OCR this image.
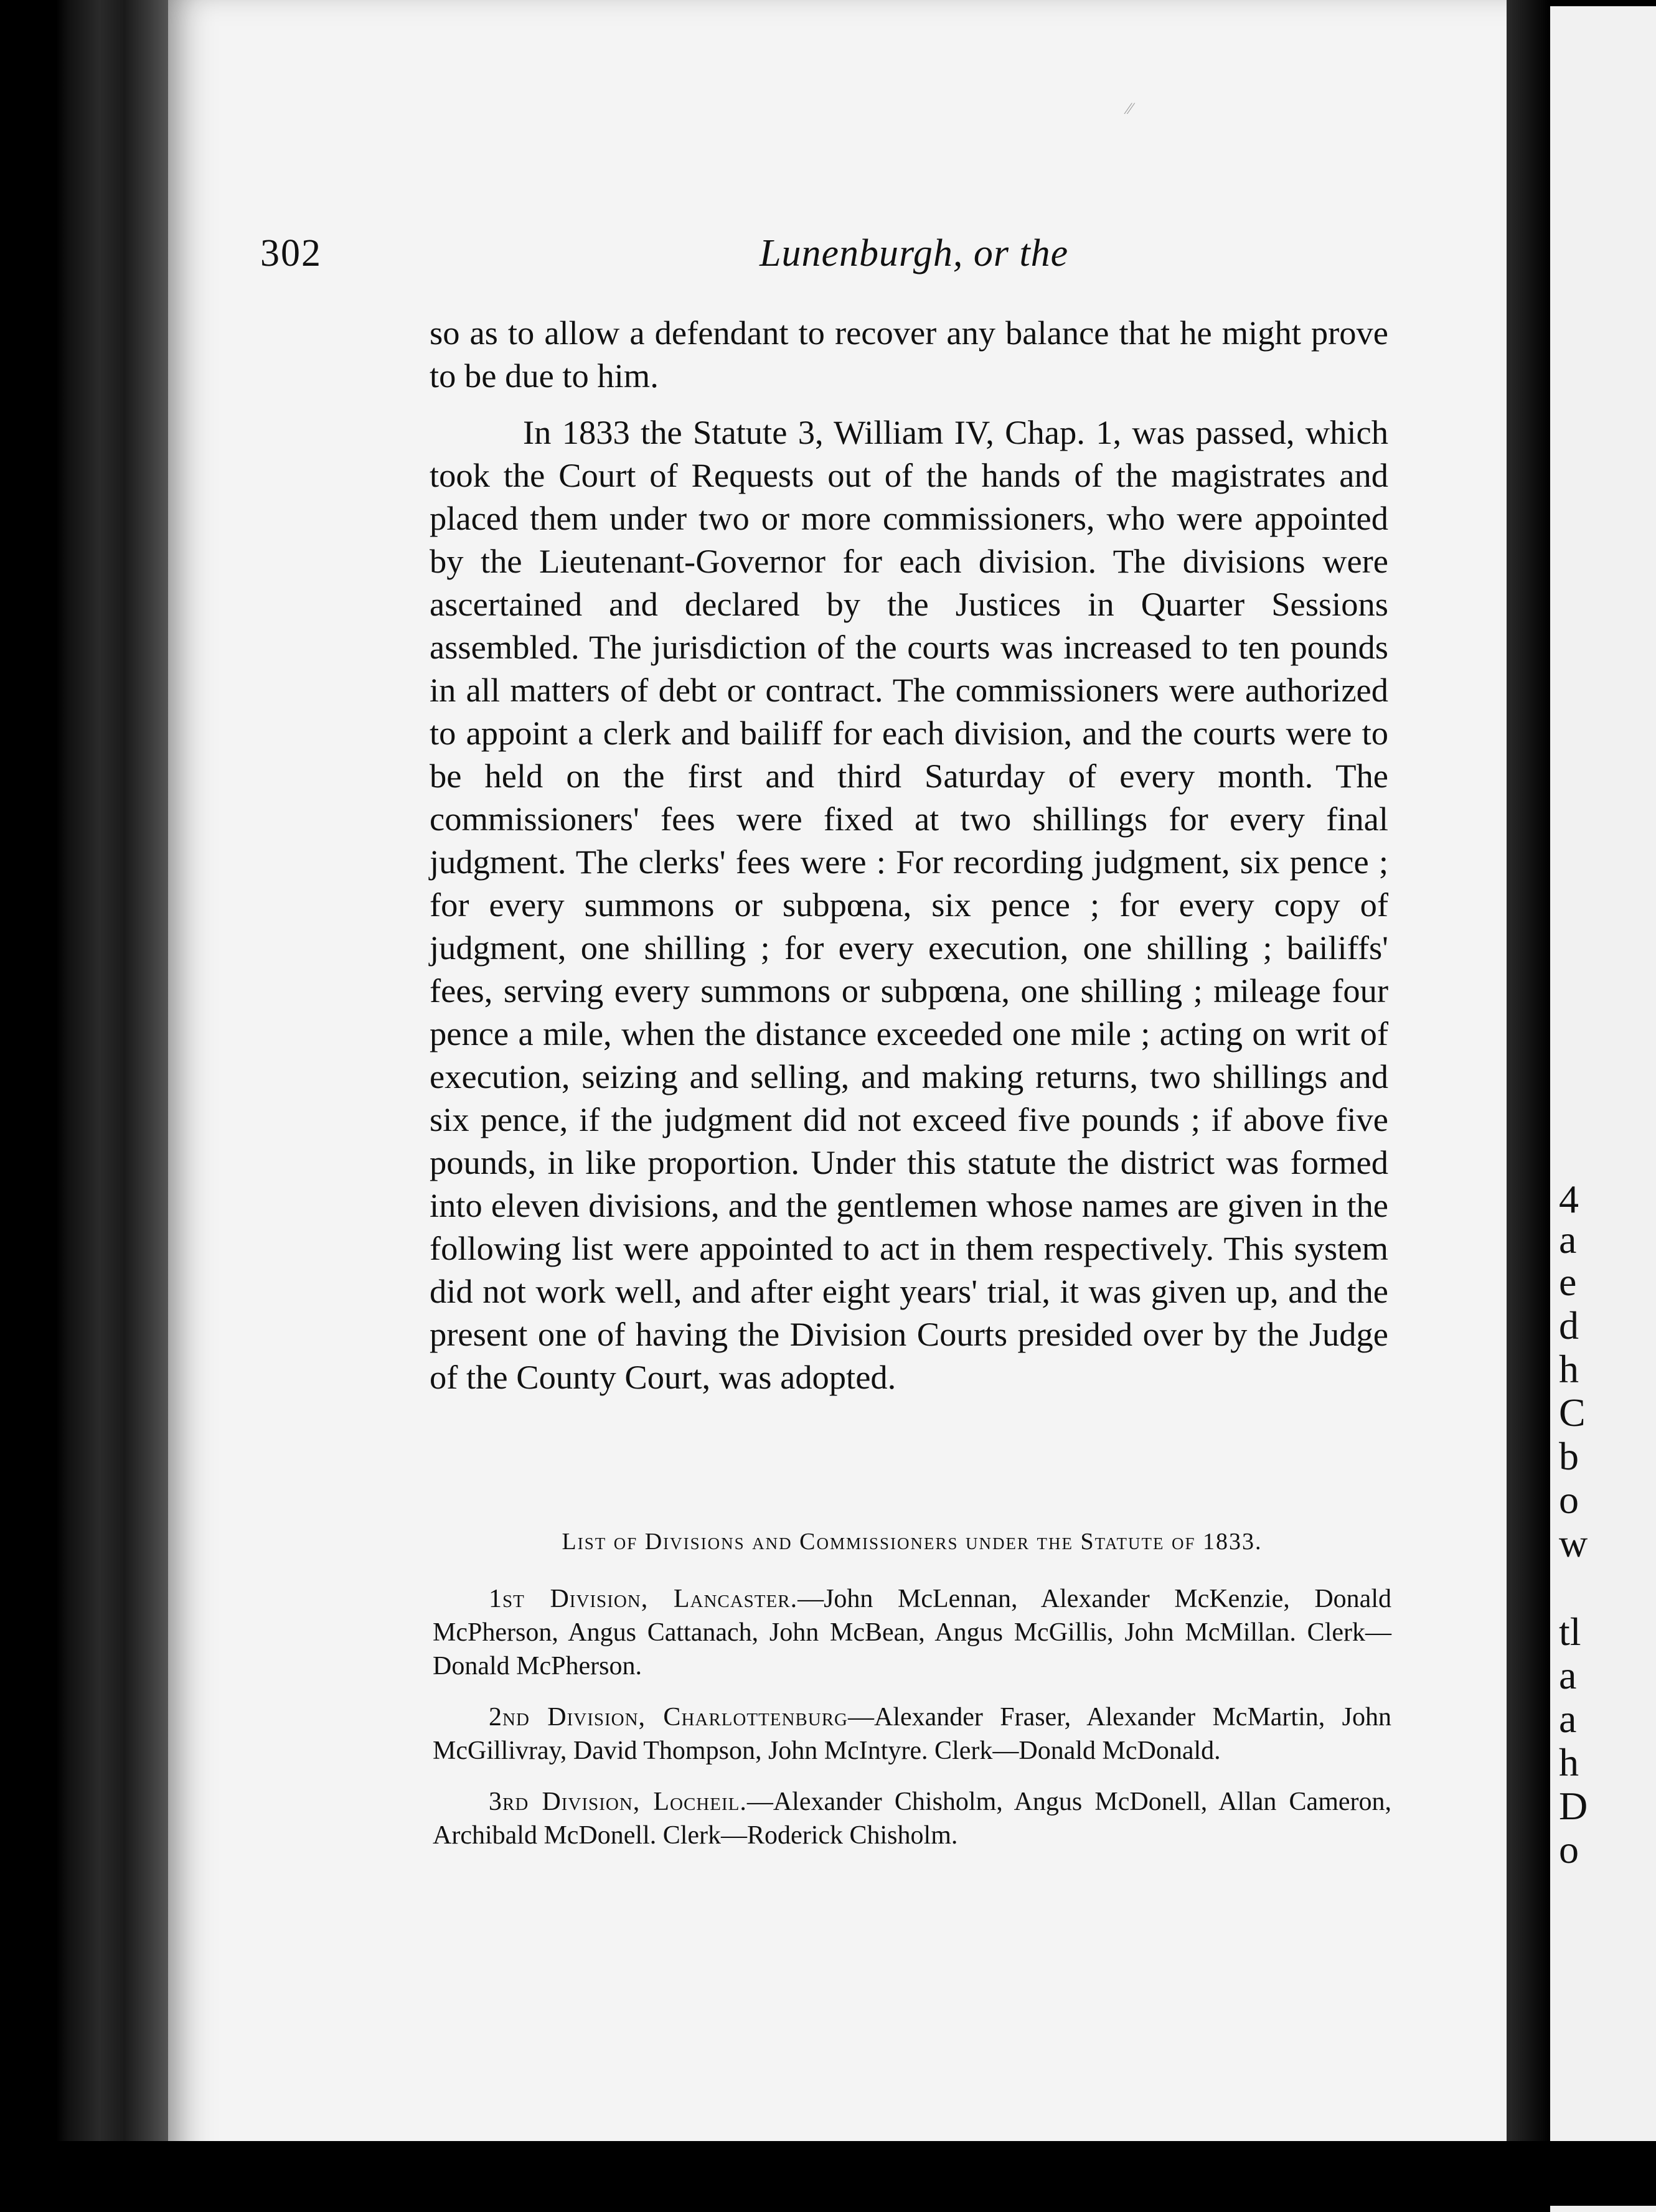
⁄⁄
4
a
e
d
h
C
b
o
w
tl
a
a
h
D
o
302	Lunenburgh, or the

so as to allow a defendant to recover any balance that he might prove to be due to him.

In 1833 the Statute 3, William IV, Chap. 1, was passed, which took the Court of Requests out of the hands of the magistrates and placed them under two or more commissioners, who were appointed by the Lieutenant-Governor for each division. The divisions were ascertained and declared by the Justices in Quarter Sessions assembled. The jurisdiction of the courts was increased to ten pounds in all matters of debt or contract. The commissioners were authorized to appoint a clerk and bailiff for each division, and the courts were to be held on the first and third Saturday of every month. The commissioners' fees were fixed at two shillings for every final judgment. The clerks' fees were : For recording judgment, six pence ; for every summons or subpœna, six pence ; for every copy of judgment, one shilling ; for every execution, one shilling ; bailiffs' fees, serving every summons or subpœna, one shilling ; mileage four pence a mile, when the distance exceeded one mile ; acting on writ of execution, seizing and selling, and making returns, two shillings and six pence, if the judgment did not exceed five pounds ; if above five pounds, in like proportion. Under this statute the district was formed into eleven divisions, and the gentlemen whose names are given in the following list were appointed to act in them respectively. This system did not work well, and after eight years' trial, it was given up, and the present one of having the Division Courts presided over by the Judge of the County Court, was adopted.

List of Divisions and Commissioners under the Statute of 1833.

1st Division, Lancaster.—John McLennan, Alexander McKenzie, Donald McPherson, Angus Cattanach, John McBean, Angus McGillis, John McMillan. Clerk—Donald McPherson.

2nd Division, Charlottenburg—Alexander Fraser, Alexander McMartin, John McGillivray, David Thompson, John McIntyre. Clerk—Donald McDonald.

3rd Division, Locheil.—Alexander Chisholm, Angus McDonell, Allan Cameron, Archibald McDonell. Clerk—Roderick Chisholm.
